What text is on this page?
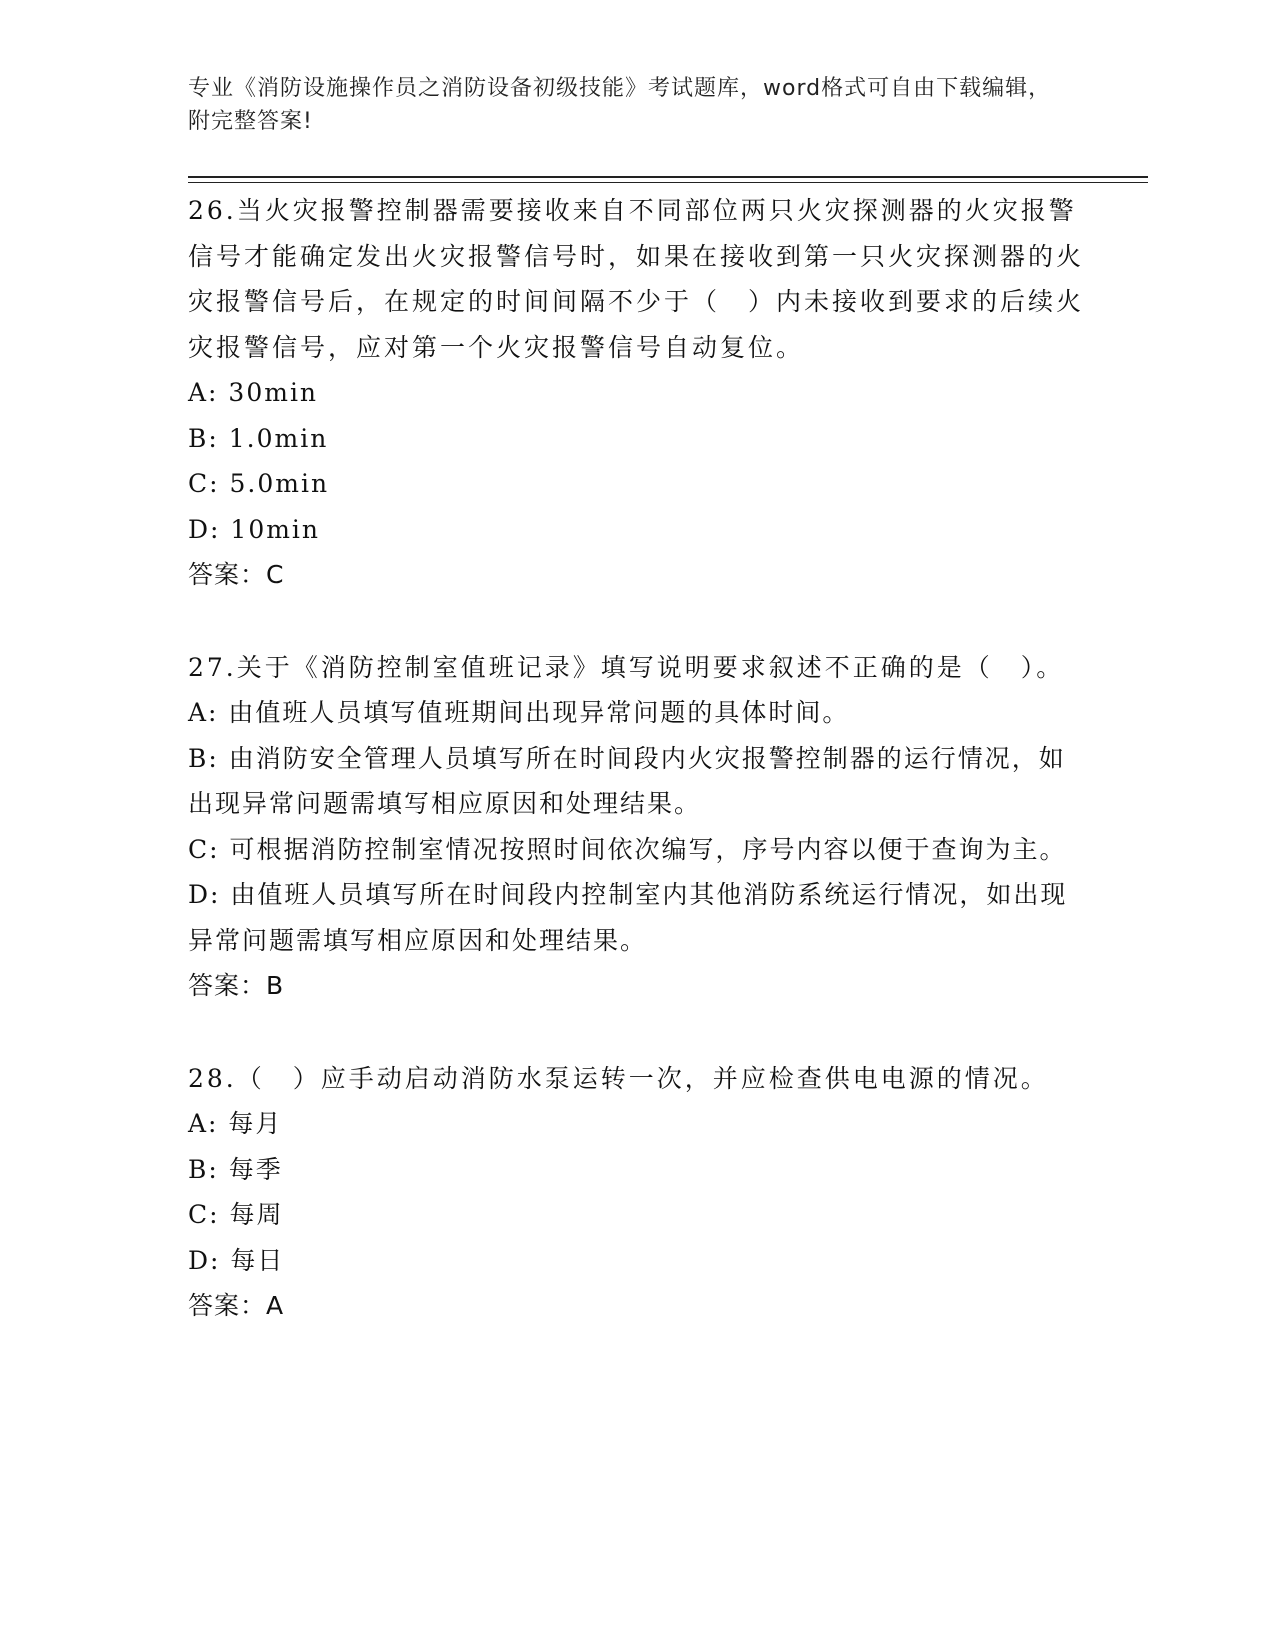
专业《消防设施操作员之消防设备初级技能》考试题库，word格式可自由下载编辑，附完整答案!

26.当火灾报警控制器需要接收来自不同部位两只火灾探测器的火灾报警信号才能确定发出火灾报警信号时，如果在接收到第一只火灾探测器的火灾报警信号后，在规定的时间间隔不少于（　）内未接收到要求的后续火灾报警信号，应对第一个火灾报警信号自动复位。

A: 30min

B: 1.0min

C: 5.0min

D: 10min

答案：C

27.关于《消防控制室值班记录》填写说明要求叙述不正确的是（　）。

A: 由值班人员填写值班期间出现异常问题的具体时间。

B: 由消防安全管理人员填写所在时间段内火灾报警控制器的运行情况，如出现异常问题需填写相应原因和处理结果。

C: 可根据消防控制室情况按照时间依次编写，序号内容以便于查询为主。

D: 由值班人员填写所在时间段内控制室内其他消防系统运行情况，如出现异常问题需填写相应原因和处理结果。

答案：B

28.（　）应手动启动消防水泵运转一次，并应检查供电电源的情况。

A: 每月

B: 每季

C: 每周

D: 每日

答案：A
